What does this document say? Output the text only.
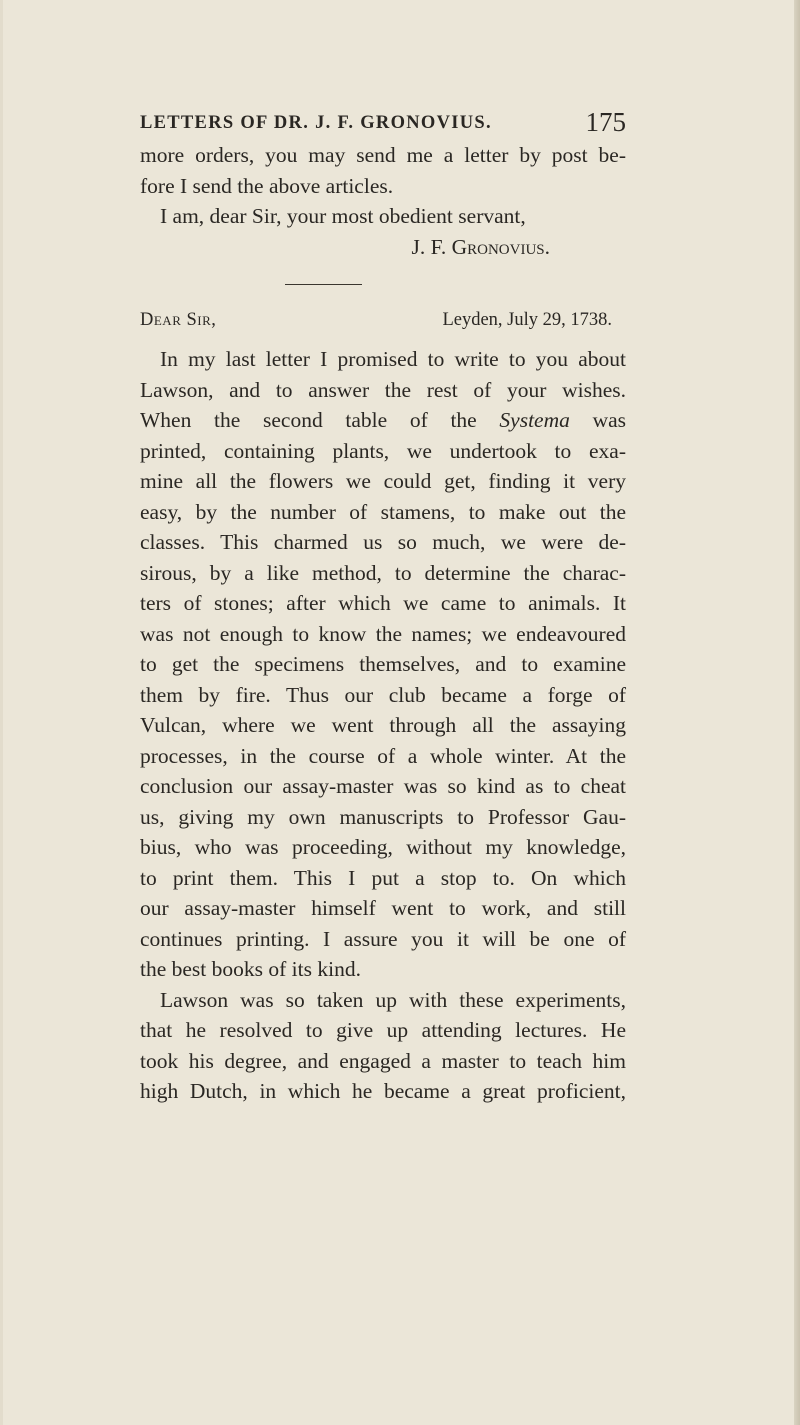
LETTERS OF DR. J. F. GRONOVIUS.	175
more orders, you may send me a letter by post be-
fore I send the above articles.
I am, dear Sir, your most obedient servant,
J. F. Gronovius.
Dear Sir,	Leyden, July 29, 1738.
In my last letter I promised to write to you about
Lawson, and to answer the rest of your wishes.
When the second table of the Systema was
printed, containing plants, we undertook to exa-
mine all the flowers we could get, finding it very
easy, by the number of stamens, to make out the
classes. This charmed us so much, we were de-
sirous, by a like method, to determine the charac-
ters of stones; after which we came to animals. It
was not enough to know the names; we endeavoured
to get the specimens themselves, and to examine
them by fire. Thus our club became a forge of
Vulcan, where we went through all the assaying
processes, in the course of a whole winter. At the
conclusion our assay-master was so kind as to cheat
us, giving my own manuscripts to Professor Gau-
bius, who was proceeding, without my knowledge,
to print them. This I put a stop to. On which
our assay-master himself went to work, and still
continues printing. I assure you it will be one of
the best books of its kind.
Lawson was so taken up with these experiments,
that he resolved to give up attending lectures. He
took his degree, and engaged a master to teach him
high Dutch, in which he became a great proficient,
